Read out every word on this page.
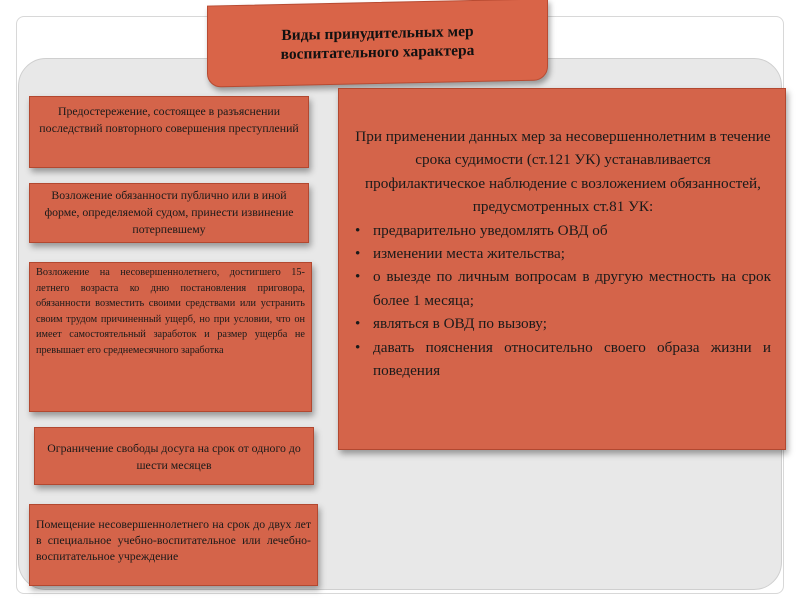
Виды принудительных мер
воспитательного характера
Предостережение, состоящее в разъяснении последствий повторного совершения преступлений
Возложение обязанности публично или в иной форме, определяемой судом, принести извинение потерпевшему
Возложение на несовершеннолетнего, достигшего 15-летнего возраста ко дню постановления приговора, обязанности возместить своими средствами или устранить своим трудом причиненный ущерб, но при условии, что он имеет самостоятельный заработок и размер ущерба не превышает его среднемесячного заработка
Ограничение свободы досуга на срок от одного до шести месяцев
Помещение несовершеннолетнего на срок до двух лет в специальное учебно-воспитательное или лечебно-воспитательное учреждение
При применении данных мер за несовершеннолетним в течение срока судимости (ст.121 УК) устанавливается профилактическое наблюдение с возложением обязанностей, предусмотренных ст.81 УК:
• предварительно уведомлять ОВД об
• изменении места жительства;
• о выезде по личным вопросам в другую местность на срок более 1 месяца;
• являться в ОВД по вызову;
• давать пояснения относительно своего образа жизни и поведения
